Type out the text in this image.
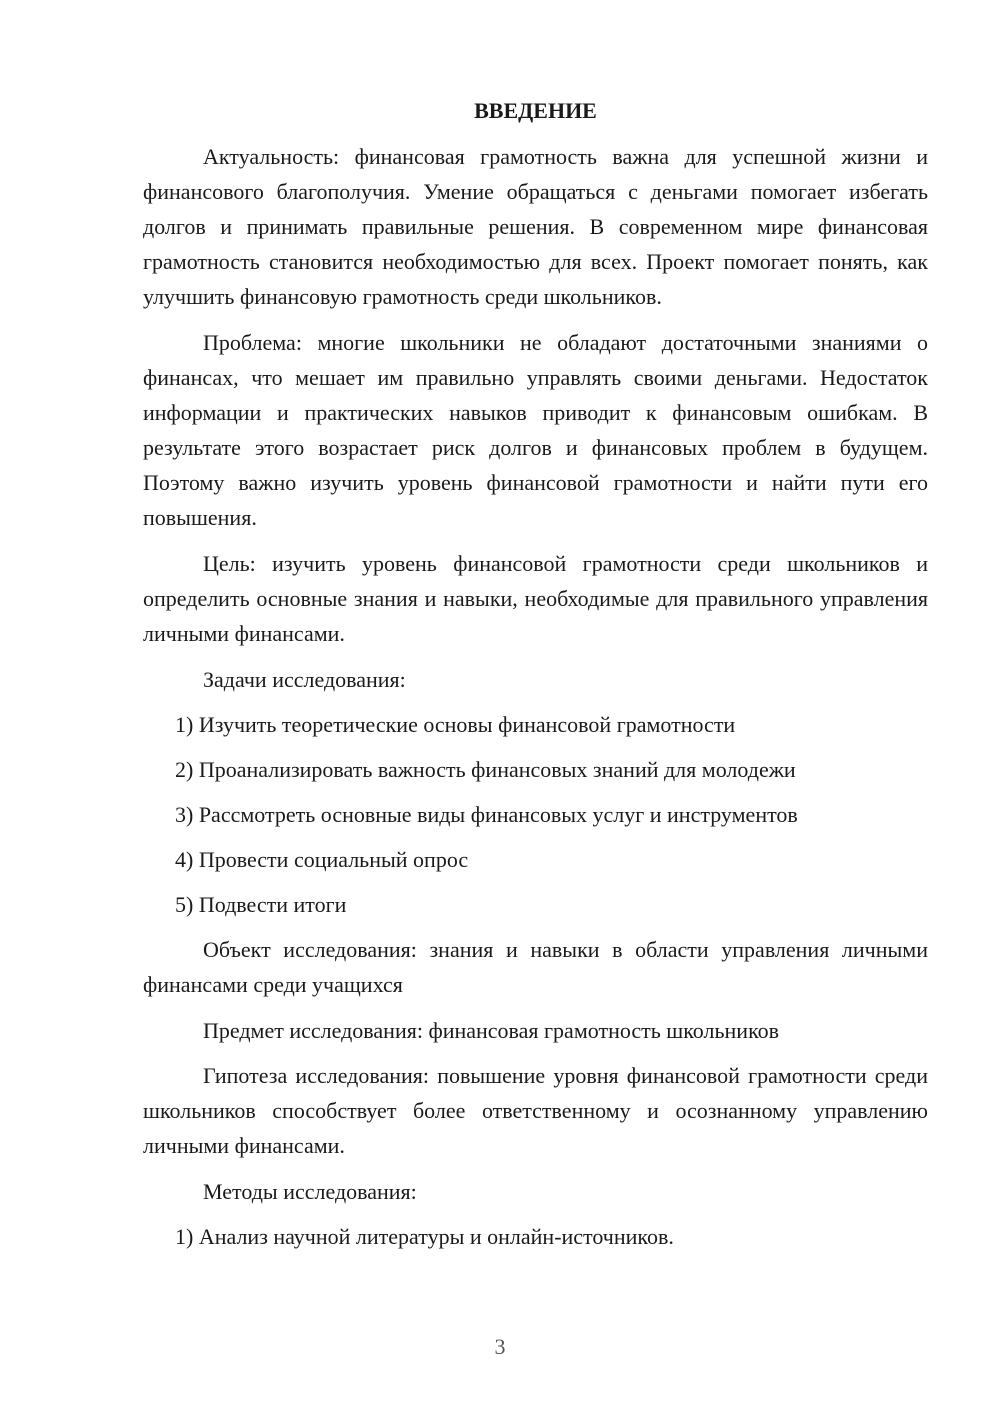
ВВЕДЕНИЕ

Актуальность: финансовая грамотность важна для успешной жизни и финансового благополучия. Умение обращаться с деньгами помогает избегать долгов и принимать правильные решения. В современном мире финансовая грамотность становится необходимостью для всех. Проект помогает понять, как улучшить финансовую грамотность среди школьников.

Проблема: многие школьники не обладают достаточными знаниями о финансах, что мешает им правильно управлять своими деньгами. Недостаток информации и практических навыков приводит к финансовым ошибкам. В результате этого возрастает риск долгов и финансовых проблем в будущем. Поэтому важно изучить уровень финансовой грамотности и найти пути его повышения.

Цель: изучить уровень финансовой грамотности среди школьников и определить основные знания и навыки, необходимые для правильного управления личными финансами.

Задачи исследования:

1) Изучить теоретические основы финансовой грамотности

2) Проанализировать важность финансовых знаний для молодежи

3) Рассмотреть основные виды финансовых услуг и инструментов

4) Провести социальный опрос

5) Подвести итоги

Объект исследования: знания и навыки в области управления личными финансами среди учащихся

Предмет исследования: финансовая грамотность школьников

Гипотеза исследования: повышение уровня финансовой грамотности среди школьников способствует более ответственному и осознанному управлению личными финансами.

Методы исследования:

1) Анализ научной литературы и онлайн-источников.

3
